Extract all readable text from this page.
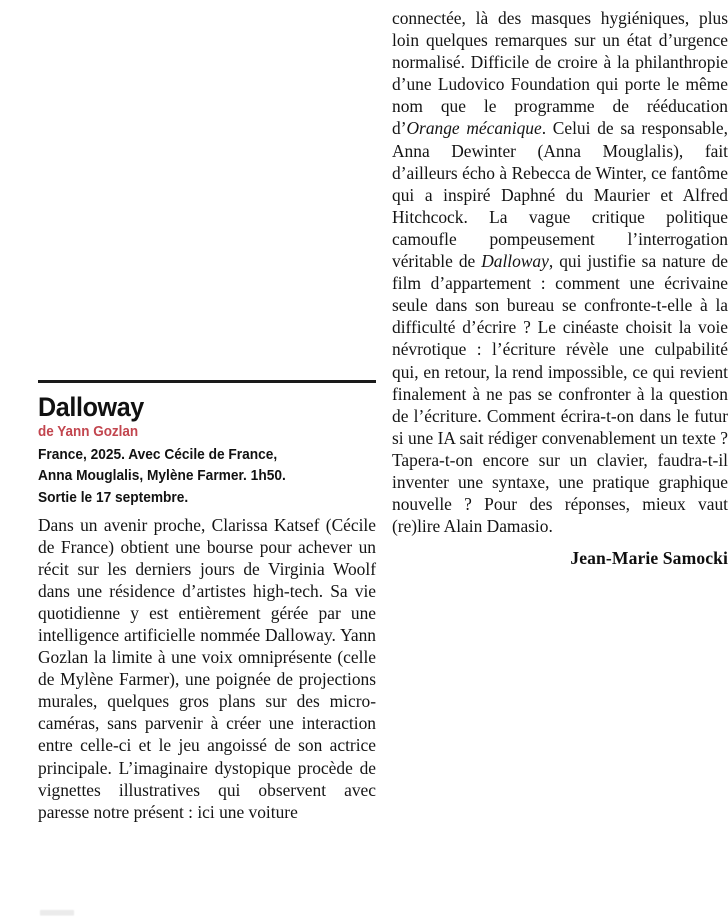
Dalloway
de Yann Gozlan
France, 2025. Avec Cécile de France,
Anna Mouglalis, Mylène Farmer. 1h50.
Sortie le 17 septembre.

Dans un avenir proche, Clarissa Katsef (Cécile de France) obtient une bourse pour achever un récit sur les derniers jours de Virginia Woolf dans une résidence d’artistes high-tech. Sa vie quotidienne y est entièrement gérée par une intelligence artificielle nommée Dalloway. Yann Gozlan la limite à une voix omniprésente (celle de Mylène Farmer), une poignée de projections murales, quelques gros plans sur des micro-caméras, sans parvenir à créer une interaction entre celle-ci et le jeu angoissé de son actrice principale. L’imaginaire dystopique procède de vignettes illustratives qui observent avec paresse notre présent : ici une voiture

connectée, là des masques hygiéniques, plus loin quelques remarques sur un état d’urgence normalisé. Difficile de croire à la philanthropie d’une Ludovico Foundation qui porte le même nom que le programme de rééducation d’Orange mécanique. Celui de sa responsable, Anna Dewinter (Anna Mouglalis), fait d’ailleurs écho à Rebecca de Winter, ce fantôme qui a inspiré Daphné du Maurier et Alfred Hitchcock. La vague critique politique camoufle pompeusement l’interrogation véritable de Dalloway, qui justifie sa nature de film d’appartement : comment une écrivaine seule dans son bureau se confronte-t-elle à la difficulté d’écrire ? Le cinéaste choisit la voie névrotique : l’écriture révèle une culpabilité qui, en retour, la rend impossible, ce qui revient finalement à ne pas se confronter à la question de l’écriture. Comment écrira-t-on dans le futur si une IA sait rédiger convenablement un texte ? Tapera-t-on encore sur un clavier, faudra-t-il inventer une syntaxe, une pratique graphique nouvelle ? Pour des réponses, mieux vaut (re)lire Alain Damasio.

Jean-Marie Samocki
